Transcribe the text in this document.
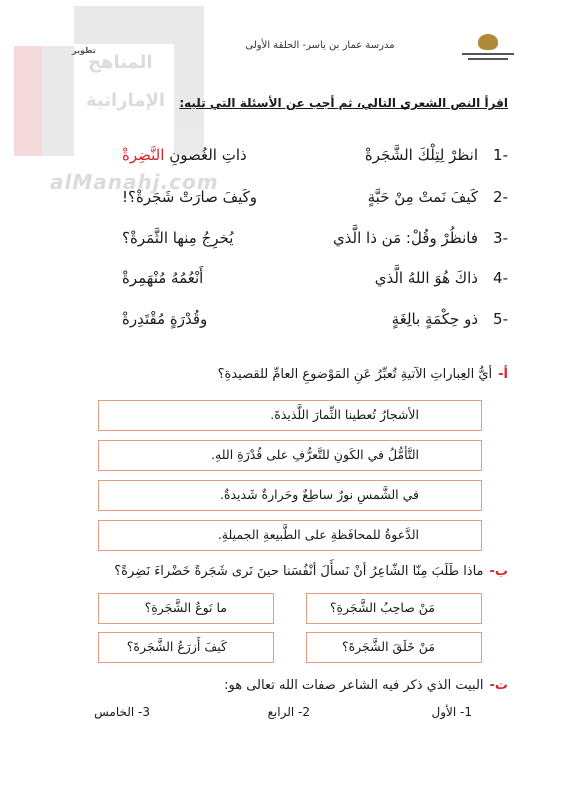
المناهج
الإماراتية
alManahj.com
تطوير	مدرسة عمار بن ياسر- الحلقة الأولى
اقرأ النص الشعري التالي، ثم أجب عن الأسئلة التي تليه:
-1
انظرْ لِتِلْكَ الشَّجَرةْ
ذاتِ الغُصونِ النَّضِرةْ
-2
كَيفَ نَمتْ مِنْ حَبَّةٍ
وكَيفَ صارَتْ شَجَرةْ؟!
-3
فانظُرْ وقُلْ: مَن ذا الَّذي
يُخرِجُ مِنها الثَّمَرةْ؟
-4
ذاكَ هُوَ اللهُ الَّذي
أَنْعُمُهُ مُنْهَمِرةْ
-5
ذو حِكْمَةٍ بالِغَةٍ
وقُدْرَةٍ مُقْتَدِرةْ
أ-أيُّ العِباراتِ الآتيةِ تُعبِّرُ عَنِ المَوْضوعِ العامِّ للقصيدةِ؟
الأشجارُ تُعطينا الثِّمارَ اللَّذيذةَ.
التَّأمُّلُ في الكَونِ للتَّعرُّفِ على قُدْرَةِ اللهِ.
في الشَّمسِ نورٌ ساطِعٌ وحَرارةٌ شَديدةٌ.
الدَّعوةُ للمحافَظةِ على الطَّبيعةِ الجميلةِ.
ب-ماذا طَلَبَ مِنّا الشّاعِرُ أنْ نَسأَلَ أنْفُسَنا حينَ نَرى شَجَرةً خَضْراءَ نَضِرةً؟
مَنْ صاحِبُ الشَّجَرةِ؟
ما نَوعُ الشَّجَرةِ؟
مَنْ خَلَقَ الشَّجَرةَ؟
كَيفَ أَزرَعُ الشَّجَرةَ؟
ت-البيت الذي ذكر فيه الشاعر صفات الله تعالى هو:
1- الأول
2- الرابع
3- الخامس
